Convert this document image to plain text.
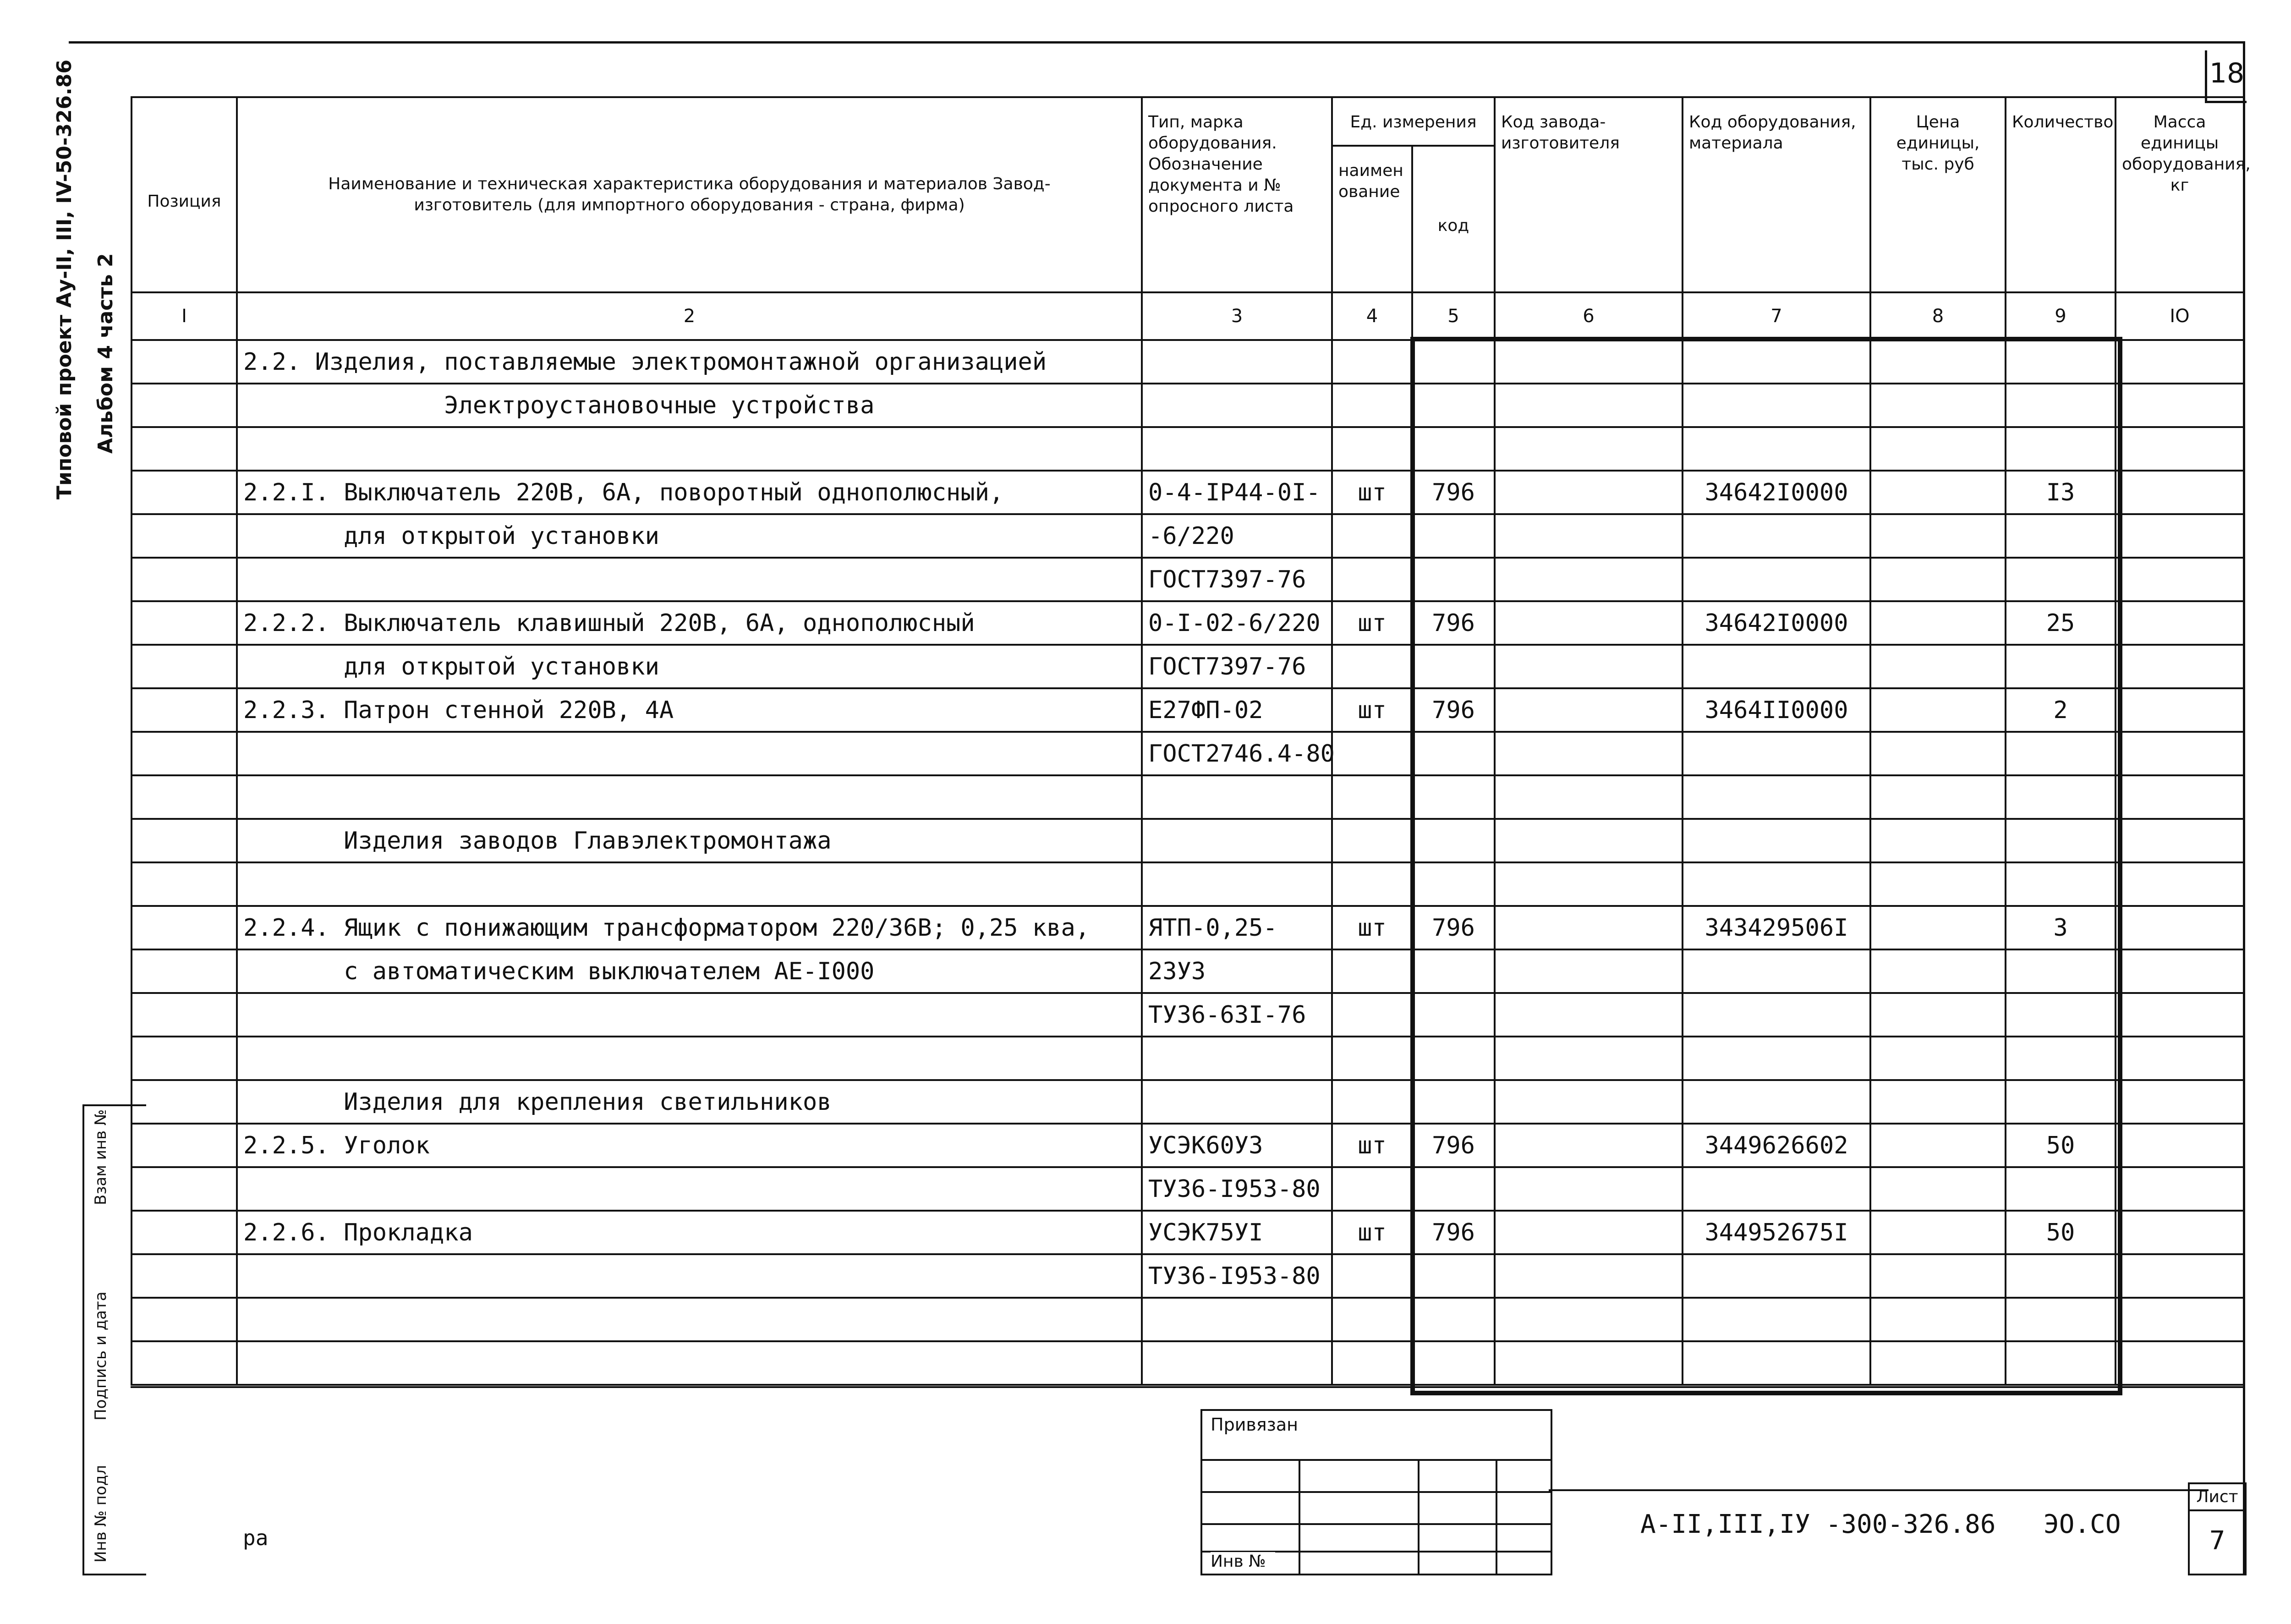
18
Типовой проект Ау-II, III, IV-50-326.86 Альбом 4 часть 2
Взам инв №
Подпись и дата
Инв № подл
Позиция	Наименование и техническая характеристика оборудования и материалов Завод-изготовитель (для импортного оборудования - страна, фирма)	Тип, марка оборудования. Обозначение документа и № опросного листа	Ед. измерения		Код завода-изготовителя	Код оборудования, материала	Цена единицы, тыс. руб	Количество	Масса единицы оборудования, кг
			наименование	код					
I	2	3	4	5	6	7	8	9	IO
	2.2. Изделия, поставляемые электромонтажной организацией								
	Электроустановочные устройства								

	2.2.I. Выключатель 220В, 6А, поворотный однополюсный,	0-4-IP44-0I-	шт	796		34642I0000		I3	
	для открытой установки	-6/220							
		ГОСТ7397-76							
	2.2.2. Выключатель клавишный 220В, 6А, однополюсный	0-I-02-6/220	шт	796		34642I0000		25	
	для открытой установки	ГОСТ7397-76							
	2.2.3. Патрон стенной 220В, 4А	Е27ФП-02	шт	796		3464II0000		2	
		ГОСТ2746.4-80							

	Изделия заводов Главэлектромонтажа								

	2.2.4. Ящик с понижающим трансформатором 220/36В; 0,25 ква,	ЯТП-0,25-	шт	796		343429506I		3	
	с автоматическим выключателем АЕ-I000	23У3							
		ТУ36-63I-76							

	Изделия для крепления светильников								
	2.2.5. Уголок	УСЭК60У3	шт	796		3449626602		50	
		ТУ36-I953-80							
	2.2.6. Прокладка	УСЭК75УI	шт	796		344952675I		50	
		ТУ36-I953-80							

ра
Привязан
Инв №
А-II,III,IУ -300-326.86 ЭО.СО
Лист
7
